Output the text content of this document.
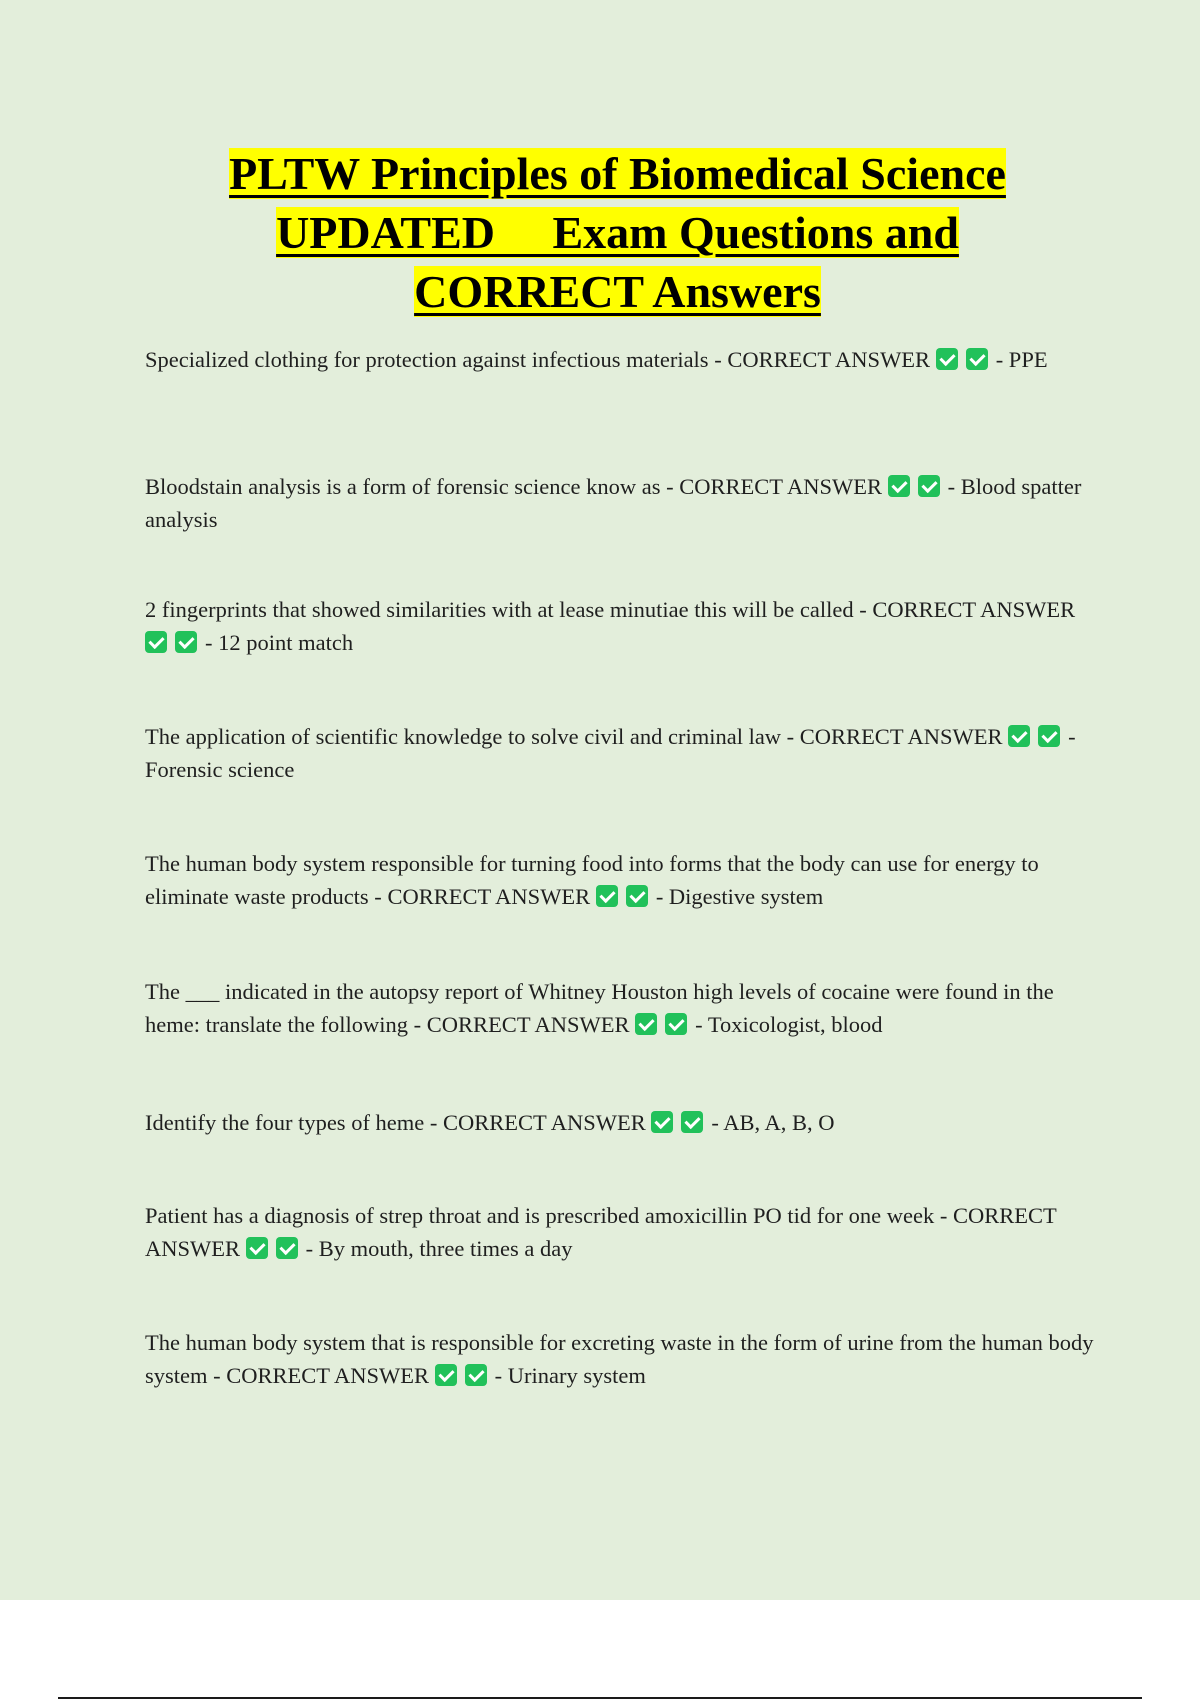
PLTW Principles of Biomedical Science
UPDATED     Exam Questions and
CORRECT Answers

Specialized clothing for protection against infectious materials - CORRECT ANSWER	- PPE

Bloodstain analysis is a form of forensic science know as - CORRECT ANSWER	- Blood spatter analysis

2 fingerprints that showed similarities with at lease minutiae this will be called - CORRECT ANSWER - 12 point match

The application of scientific knowledge to solve civil and criminal law - CORRECT ANSWER	- Forensic science

The human body system responsible for turning food into forms that the body can use for energy to eliminate waste products - CORRECT ANSWER	- Digestive system

The ___ indicated in the autopsy report of Whitney Houston high levels of cocaine were found in the heme: translate the following - CORRECT ANSWER	- Toxicologist, blood

Identify the four types of heme - CORRECT ANSWER	- AB, A, B, O

Patient has a diagnosis of strep throat and is prescribed amoxicillin PO tid for one week - CORRECT ANSWER	- By mouth, three times a day

The human body system that is responsible for excreting waste in the form of urine from the human body system - CORRECT ANSWER	- Urinary system
